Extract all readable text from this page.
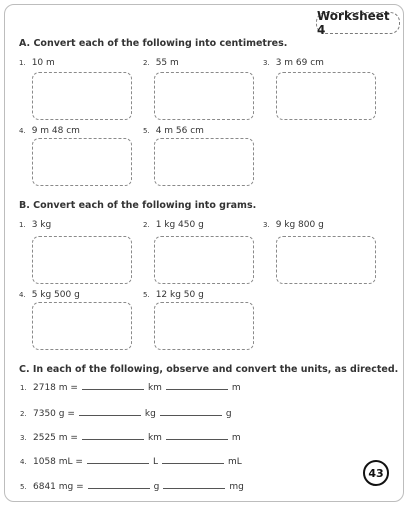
Worksheet 4
A. Convert each of the following into centimetres.
1. 10 m	2. 55 m	3. 3 m 69 cm
4. 9 m 48 cm	5. 4 m 56 cm
B. Convert each of the following into grams.
1. 3 kg	2. 1 kg 450 g	3. 9 kg 800 g
4. 5 kg 500 g	5. 12 kg 50 g
C. In each of the following, observe and convert the units, as directed.
1. 2718 m =	km	m
2. 7350 g =	kg	g
3. 2525 m =	km	m
4. 1058 mL =	L	mL
5. 6841 mg =	g	mg
43
